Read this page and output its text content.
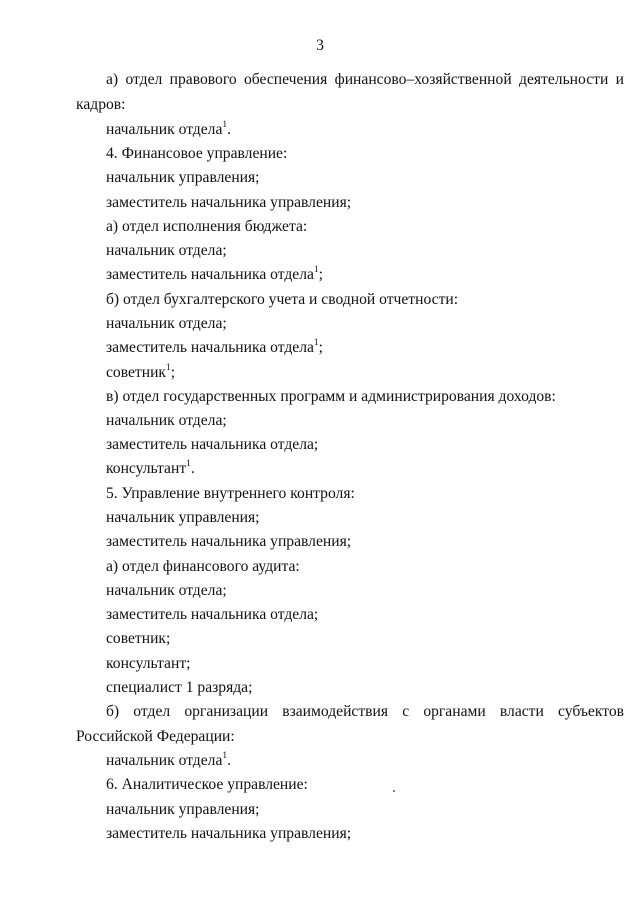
3
а) отдел правового обеспечения финансово–хозяйственной деятельности и
кадров:
начальник отдела$^1$.
4. Финансовое управление:
начальник управления;
заместитель начальника управления;
а) отдел исполнения бюджета:
начальник отдела;
заместитель начальника отдела$^1$;
б) отдел бухгалтерского учета и сводной отчетности:
начальник отдела;
заместитель начальника отдела$^1$;
советник$^1$;
в) отдел государственных программ и администрирования доходов:
начальник отдела;
заместитель начальника отдела;
консультант$^1$.
5. Управление внутреннего контроля:
начальник управления;
заместитель начальника управления;
а) отдел финансового аудита:
начальник отдела;
заместитель начальника отдела;
советник;
консультант;
специалист 1 разряда;
б) отдел организации взаимодействия с органами власти субъектов
Российской Федерации:
начальник отдела$^1$.
6. Аналитическое управление:
начальник управления;
заместитель начальника управления;
